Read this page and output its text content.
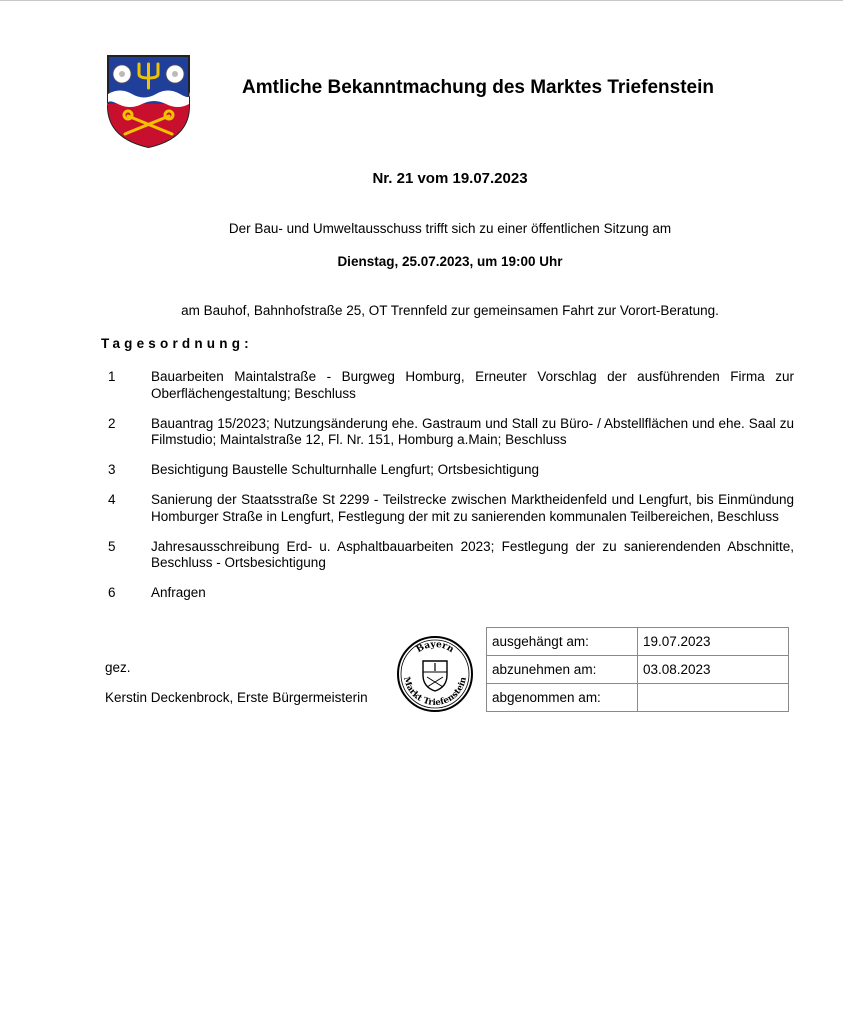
Amtliche Bekanntmachung des Marktes Triefenstein
Nr. 21 vom 19.07.2023
Der Bau- und Umweltausschuss trifft sich zu einer öffentlichen Sitzung am
Dienstag, 25.07.2023, um 19:00 Uhr
am Bauhof, Bahnhofstraße 25, OT Trennfeld zur gemeinsamen Fahrt zur Vorort-Beratung.
Tagesordnung:
1	Bauarbeiten Maintalstraße - Burgweg Homburg, Erneuter Vorschlag der ausführenden Firma zur Oberflächengestaltung; Beschluss
2	Bauantrag 15/2023; Nutzungsänderung ehe. Gastraum und Stall zu Büro- / Abstellflächen und ehe. Saal zu Filmstudio; Maintalstraße 12, Fl. Nr. 151, Homburg a.Main; Beschluss
3	Besichtigung Baustelle Schulturnhalle Lengfurt; Ortsbesichtigung
4	Sanierung der Staatsstraße St 2299 - Teilstrecke zwischen Marktheidenfeld und Lengfurt, bis Einmündung Homburger Straße in Lengfurt, Festlegung der mit zu sanierenden kommunalen Teilbereichen, Beschluss
5	Jahresausschreibung Erd- u. Asphaltbauarbeiten 2023; Festlegung der zu sanierendenden Abschnitte, Beschluss - Ortsbesichtigung
6	Anfragen
gez.
Kerstin Deckenbrock, Erste Bürgermeisterin
Bayern
Markt Triefenstein
ausgehängt am:	19.07.2023
abzunehmen am:	03.08.2023
abgenommen am:	
